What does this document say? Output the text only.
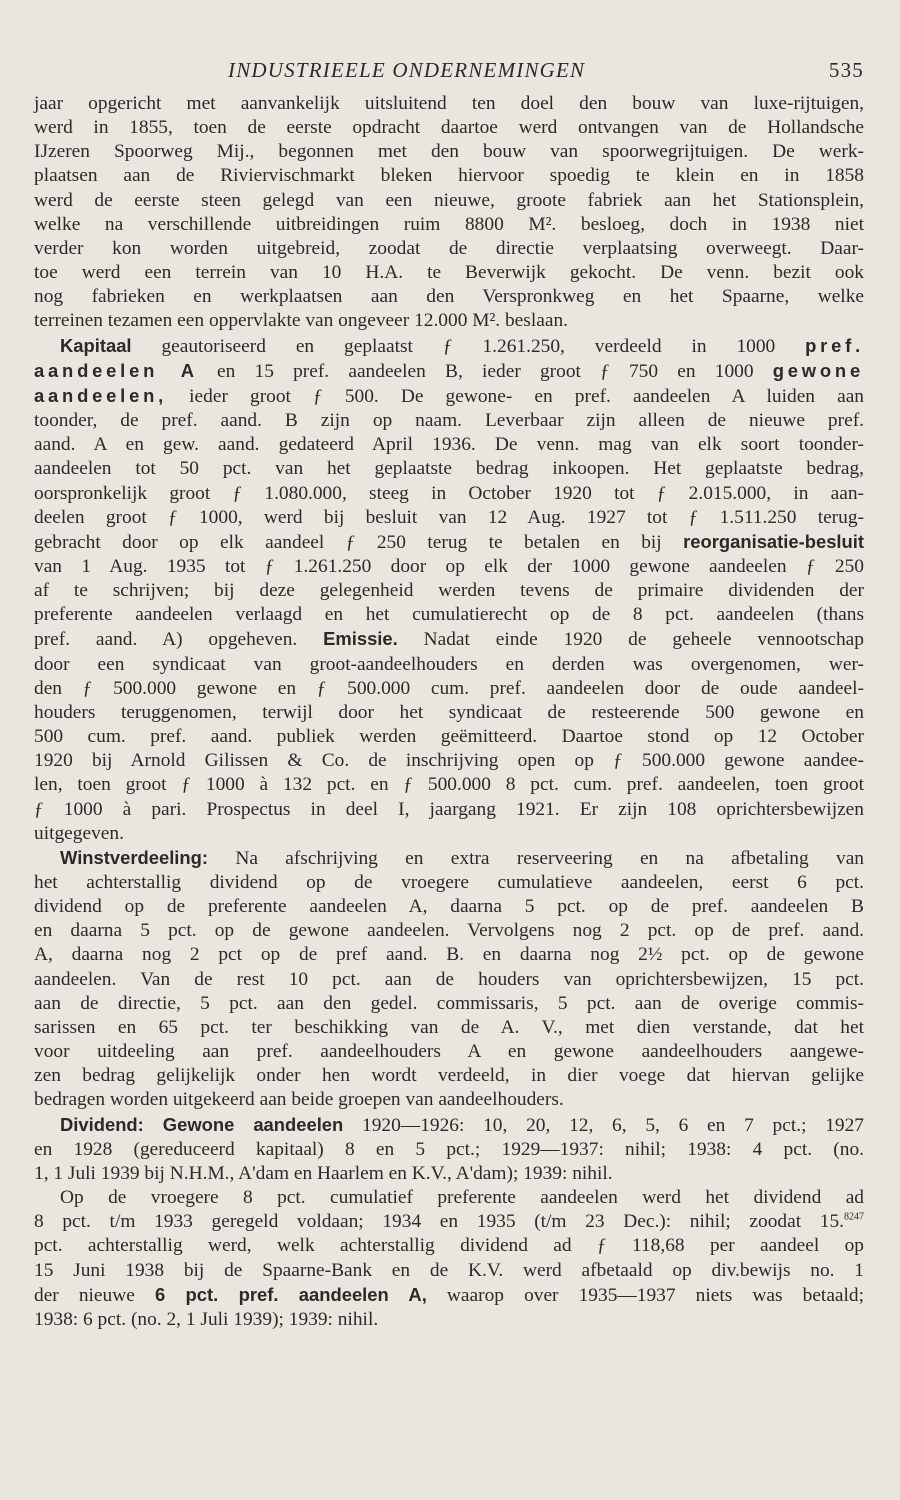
INDUSTRIEELE ONDERNEMINGEN	535

jaar opgericht met aanvankelijk uitsluitend ten doel den bouw van luxe-rijtuigen,

werd in 1855, toen de eerste opdracht daartoe werd ontvangen van de Hollandsche

IJzeren Spoorweg Mij., begonnen met den bouw van spoorwegrijtuigen. De werk-

plaatsen aan de Riviervischmarkt bleken hiervoor spoedig te klein en in 1858

werd de eerste steen gelegd van een nieuwe, groote fabriek aan het Stationsplein,

welke na verschillende uitbreidingen ruim 8800 M². besloeg, doch in 1938 niet

verder kon worden uitgebreid, zoodat de directie verplaatsing overweegt. Daar-

toe werd een terrein van 10 H.A. te Beverwijk gekocht. De venn. bezit ook

nog fabrieken en werkplaatsen aan den Verspronkweg en het Spaarne, welke

terreinen tezamen een oppervlakte van ongeveer 12.000 M². beslaan.

Kapitaal geautoriseerd en geplaatst ƒ 1.261.250, verdeeld in 1000 pref.

aandeelen A en 15 pref. aandeelen B, ieder groot ƒ 750 en 1000 gewone

aandeelen, ieder groot ƒ 500. De gewone- en pref. aandeelen A luiden aan

toonder, de pref. aand. B zijn op naam. Leverbaar zijn alleen de nieuwe pref.

aand. A en gew. aand. gedateerd April 1936. De venn. mag van elk soort toonder-

aandeelen tot 50 pct. van het geplaatste bedrag inkoopen. Het geplaatste bedrag,

oorspronkelijk groot ƒ 1.080.000, steeg in October 1920 tot ƒ 2.015.000, in aan-

deelen groot ƒ 1000, werd bij besluit van 12 Aug. 1927 tot ƒ 1.511.250 terug-

gebracht door op elk aandeel ƒ 250 terug te betalen en bij reorganisatie-besluit

van 1 Aug. 1935 tot ƒ 1.261.250 door op elk der 1000 gewone aandeelen ƒ 250

af te schrijven; bij deze gelegenheid werden tevens de primaire dividenden der

preferente aandeelen verlaagd en het cumulatierecht op de 8 pct. aandeelen (thans

pref. aand. A) opgeheven. Emissie. Nadat einde 1920 de geheele vennootschap

door een syndicaat van groot-aandeelhouders en derden was overgenomen, wer-

den ƒ 500.000 gewone en ƒ 500.000 cum. pref. aandeelen door de oude aandeel-

houders teruggenomen, terwijl door het syndicaat de resteerende 500 gewone en

500 cum. pref. aand. publiek werden geëmitteerd. Daartoe stond op 12 October

1920 bij Arnold Gilissen & Co. de inschrijving open op ƒ 500.000 gewone aandee-

len, toen groot ƒ 1000 à 132 pct. en ƒ 500.000 8 pct. cum. pref. aandeelen, toen groot

ƒ 1000 à pari. Prospectus in deel I, jaargang 1921. Er zijn 108 oprichtersbewijzen

uitgegeven.

Winstverdeeling: Na afschrijving en extra reserveering en na afbetaling van

het achterstallig dividend op de vroegere cumulatieve aandeelen, eerst 6 pct.

dividend op de preferente aandeelen A, daarna 5 pct. op de pref. aandeelen B

en daarna 5 pct. op de gewone aandeelen. Vervolgens nog 2 pct. op de pref. aand.

A, daarna nog 2 pct op de pref aand. B. en daarna nog 2½ pct. op de gewone

aandeelen. Van de rest 10 pct. aan de houders van oprichtersbewijzen, 15 pct.

aan de directie, 5 pct. aan den gedel. commissaris, 5 pct. aan de overige commis-

sarissen en 65 pct. ter beschikking van de A. V., met dien verstande, dat het

voor uitdeeling aan pref. aandeelhouders A en gewone aandeelhouders aangewe-

zen bedrag gelijkelijk onder hen wordt verdeeld, in dier voege dat hiervan gelijke

bedragen worden uitgekeerd aan beide groepen van aandeelhouders.

Dividend: Gewone aandeelen 1920—1926: 10, 20, 12, 6, 5, 6 en 7 pct.; 1927

en 1928 (gereduceerd kapitaal) 8 en 5 pct.; 1929—1937: nihil; 1938: 4 pct. (no.

1, 1 Juli 1939 bij N.H.M., A'dam en Haarlem en K.V., A'dam); 1939: nihil.

Op de vroegere 8 pct. cumulatief preferente aandeelen werd het dividend ad

8 pct. t/m 1933 geregeld voldaan; 1934 en 1935 (t/m 23 Dec.): nihil; zoodat 15.$^{8247}$

pct. achterstallig werd, welk achterstallig dividend ad ƒ 118,68 per aandeel op

15 Juni 1938 bij de Spaarne-Bank en de K.V. werd afbetaald op div.bewijs no. 1

der nieuwe 6 pct. pref. aandeelen A, waarop over 1935—1937 niets was betaald;

1938: 6 pct. (no. 2, 1 Juli 1939); 1939: nihil.
